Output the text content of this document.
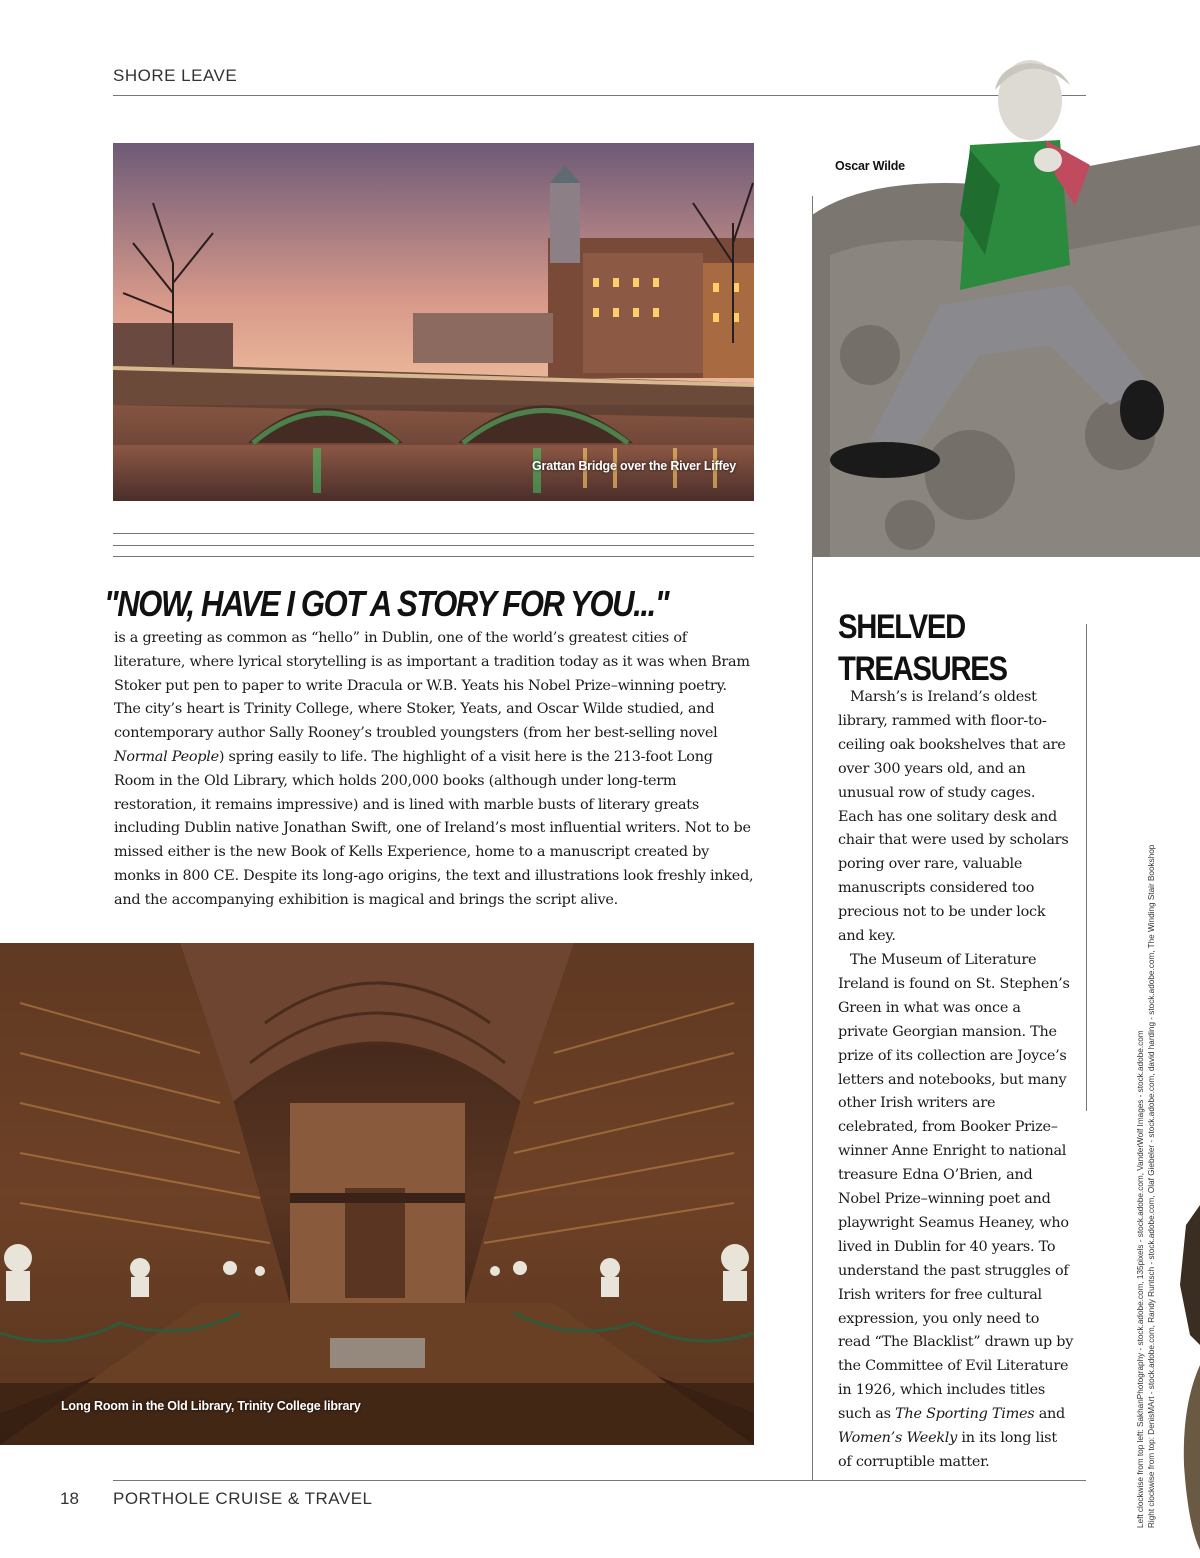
SHORE LEAVE
Grattan Bridge over the River Liffey
Oscar Wilde
"NOW, HAVE I GOT A STORY FOR YOU..."
is a greeting as common as “hello” in Dublin, one of the world’s greatest cities of literature, where lyrical storytelling is as important a tradition today as it was when Bram Stoker put pen to paper to write Dracula or W.B. Yeats his Nobel Prize–winning poetry. The city’s heart is Trinity College, where Stoker, Yeats, and Oscar Wilde studied, and contemporary author Sally Rooney’s troubled youngsters (from her best-selling novel Normal People) spring easily to life. The highlight of a visit here is the 213-foot Long Room in the Old Library, which holds 200,000 books (although under long-term restoration, it remains impressive) and is lined with marble busts of literary greats including Dublin native Jonathan Swift, one of Ireland’s most influential writers. Not to be missed either is the new Book of Kells Experience, home to a manuscript created by monks in 800 CE. Despite its long-ago origins, the text and illustrations look freshly inked, and the accompanying exhibition is magical and brings the script alive.
Long Room in the Old Library, Trinity College library
SHELVED
TREASURES

Marsh’s is Ireland’s oldest library, rammed with floor-to-ceiling oak bookshelves that are over 300 years old, and an unusual row of study cages. Each has one solitary desk and chair that were used by scholars poring over rare, valuable manuscripts considered too precious not to be under lock and key.

The Museum of Literature Ireland is found on St. Stephen’s Green in what was once a private Georgian mansion. The prize of its collection are Joyce’s letters and notebooks, but many other Irish writers are celebrated, from Booker Prize–winner Anne Enright to national treasure Edna O’Brien, and Nobel Prize–winning poet and playwright Seamus Heaney, who lived in Dublin for 40 years. To understand the past struggles of Irish writers for free cultural expression, you only need to read “The Blacklist” drawn up by the Committee of Evil Literature in 1926, which includes titles such as The Sporting Times and Women’s Weekly in its long list of corruptible matter.	Left clockwise from top left: SakhanPhotography - stock.adobe.com, 135pixels - stock.adobe.com, VanderWolf Images - stock.adobe.com Right clockwise from top: DenisMArt - stock.adobe.com, Randy Runtsch - stock.adobe.com, Olaf Giebeler - stock.adobe.com, david harding - stock.adobe.com, The Winding Stair Bookshop
18 PORTHOLE CRUISE & TRAVEL
